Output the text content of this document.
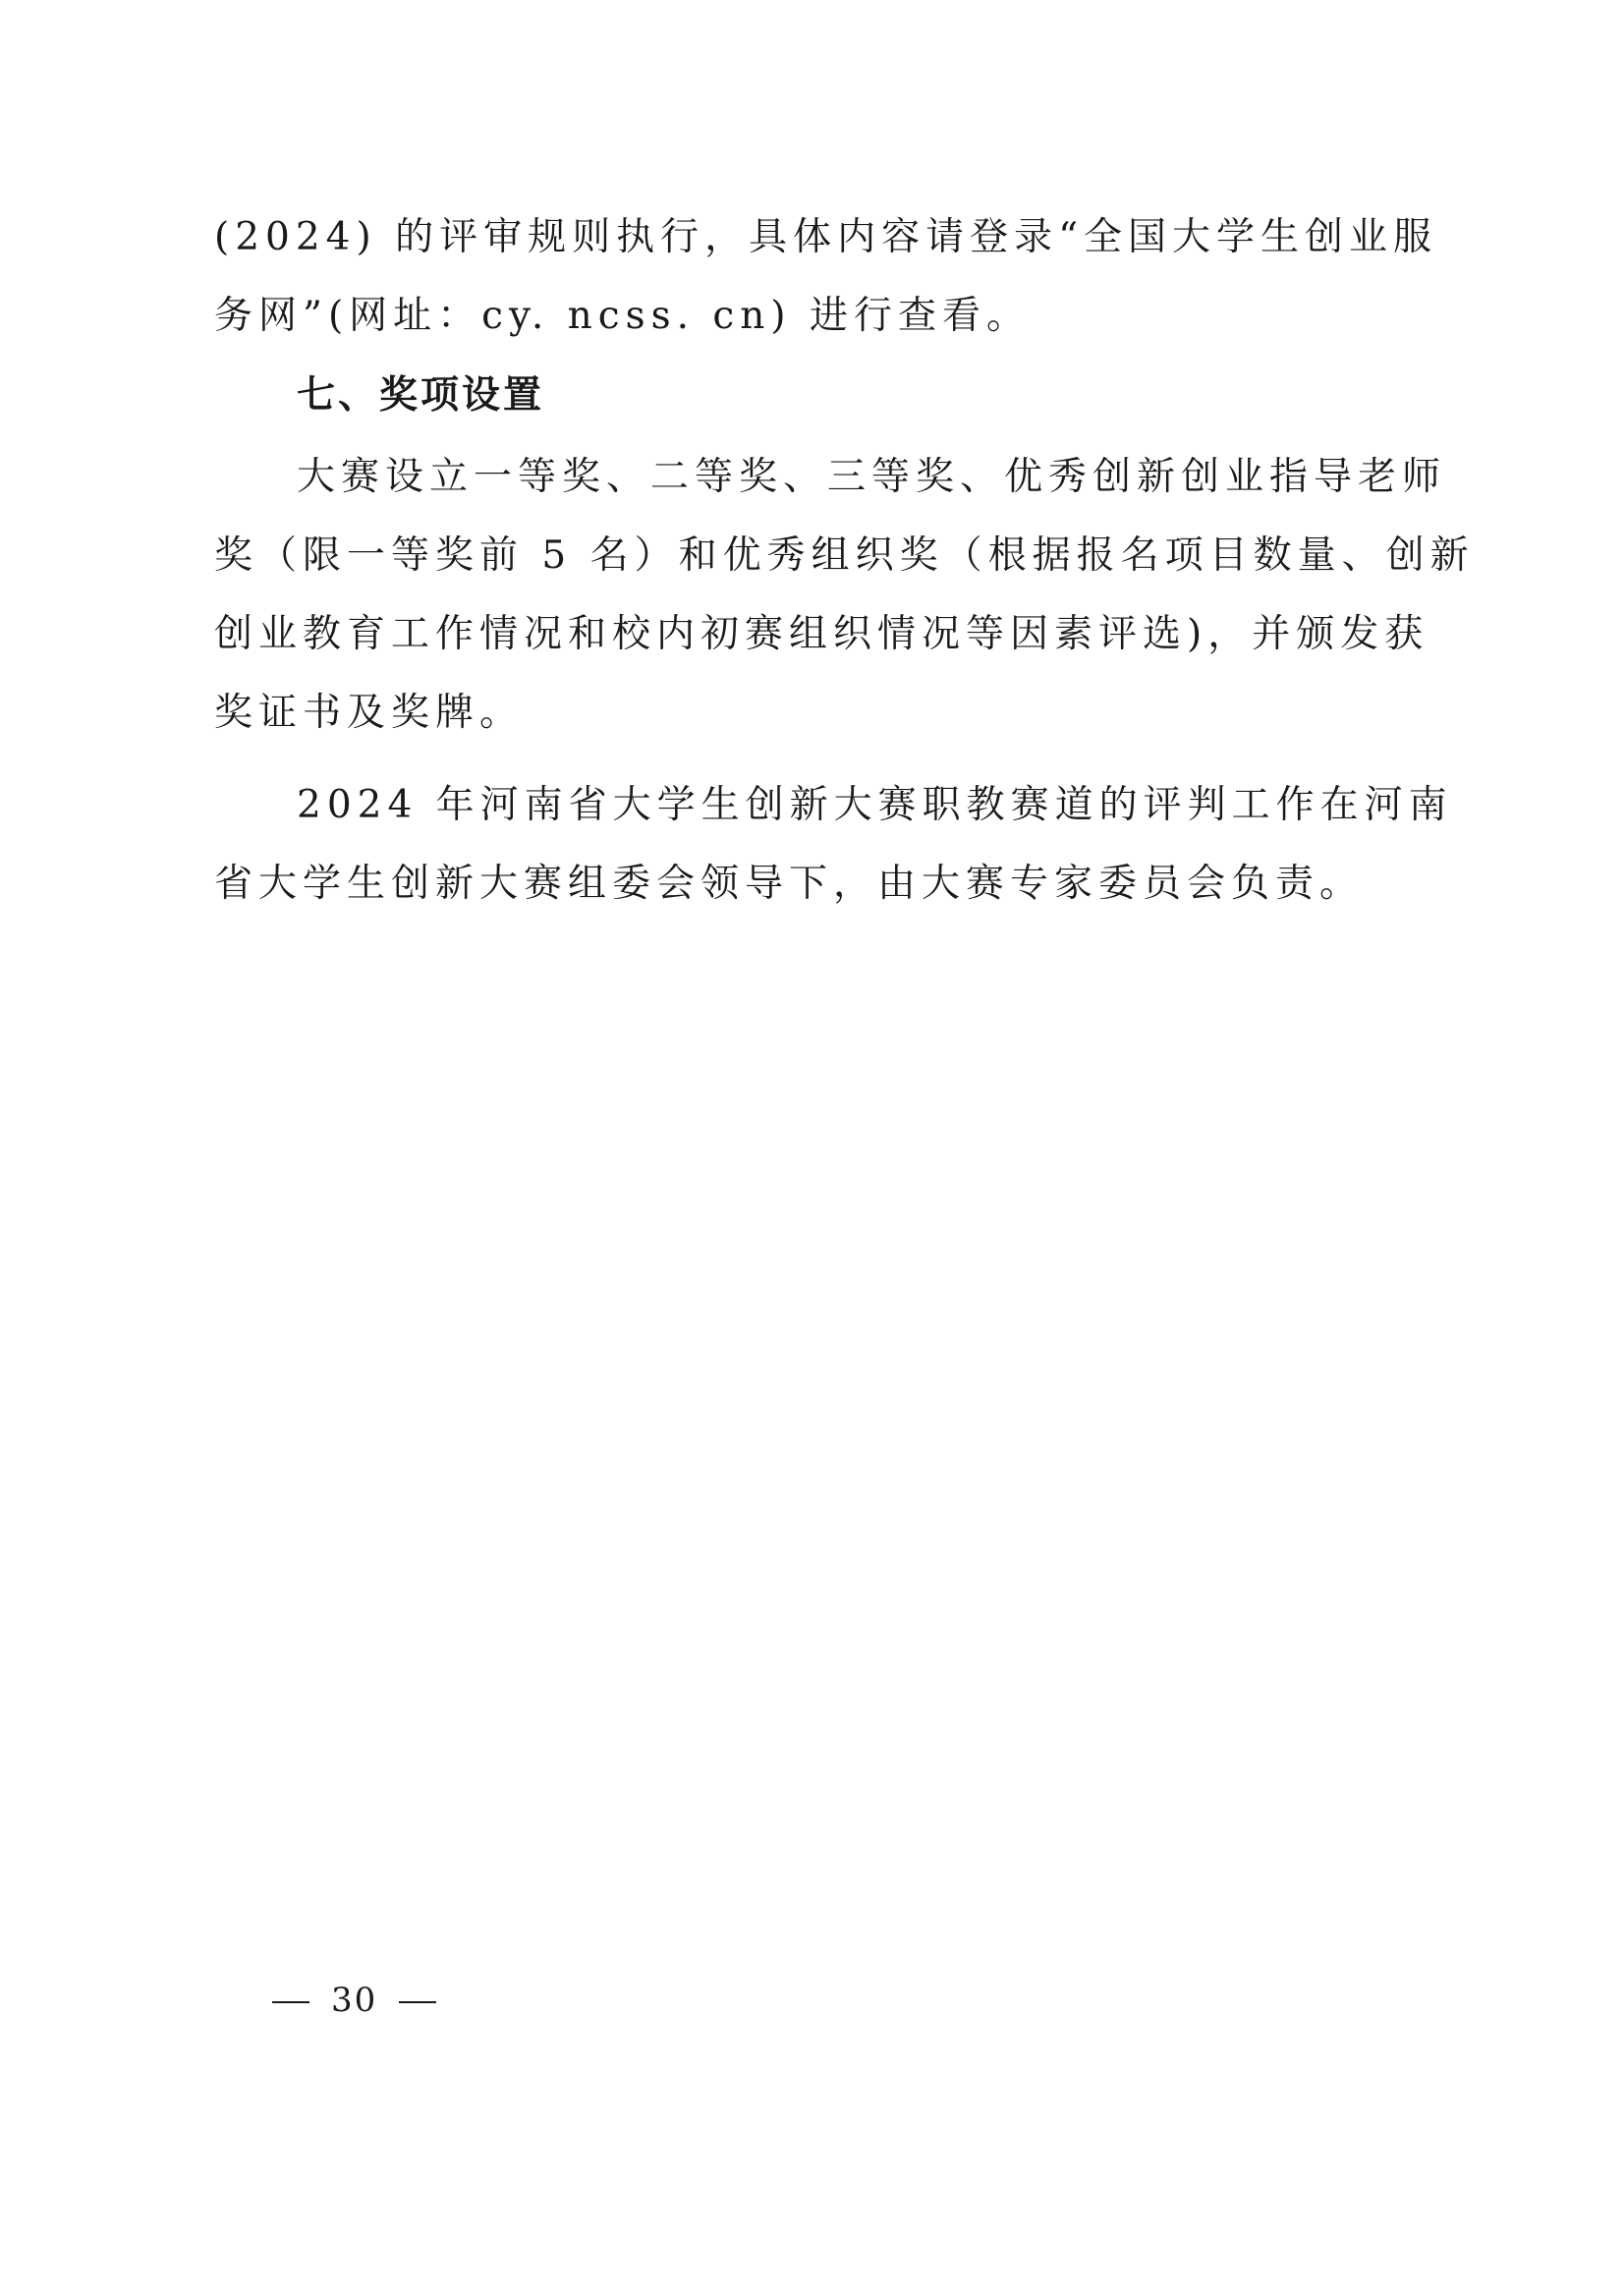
(2024) 的评审规则执行，具体内容请登录“全国大学生创业服
务网”(网址：cy. ncss. cn) 进行查看。
七、奖项设置
大赛设立一等奖、二等奖、三等奖、优秀创新创业指导老师
奖（限一等奖前 5 名）和优秀组织奖（根据报名项目数量、创新
创业教育工作情况和校内初赛组织情况等因素评选)，并颁发获
奖证书及奖牌。
2024 年河南省大学生创新大赛职教赛道的评判工作在河南
省大学生创新大赛组委会领导下，由大赛专家委员会负责。
30
